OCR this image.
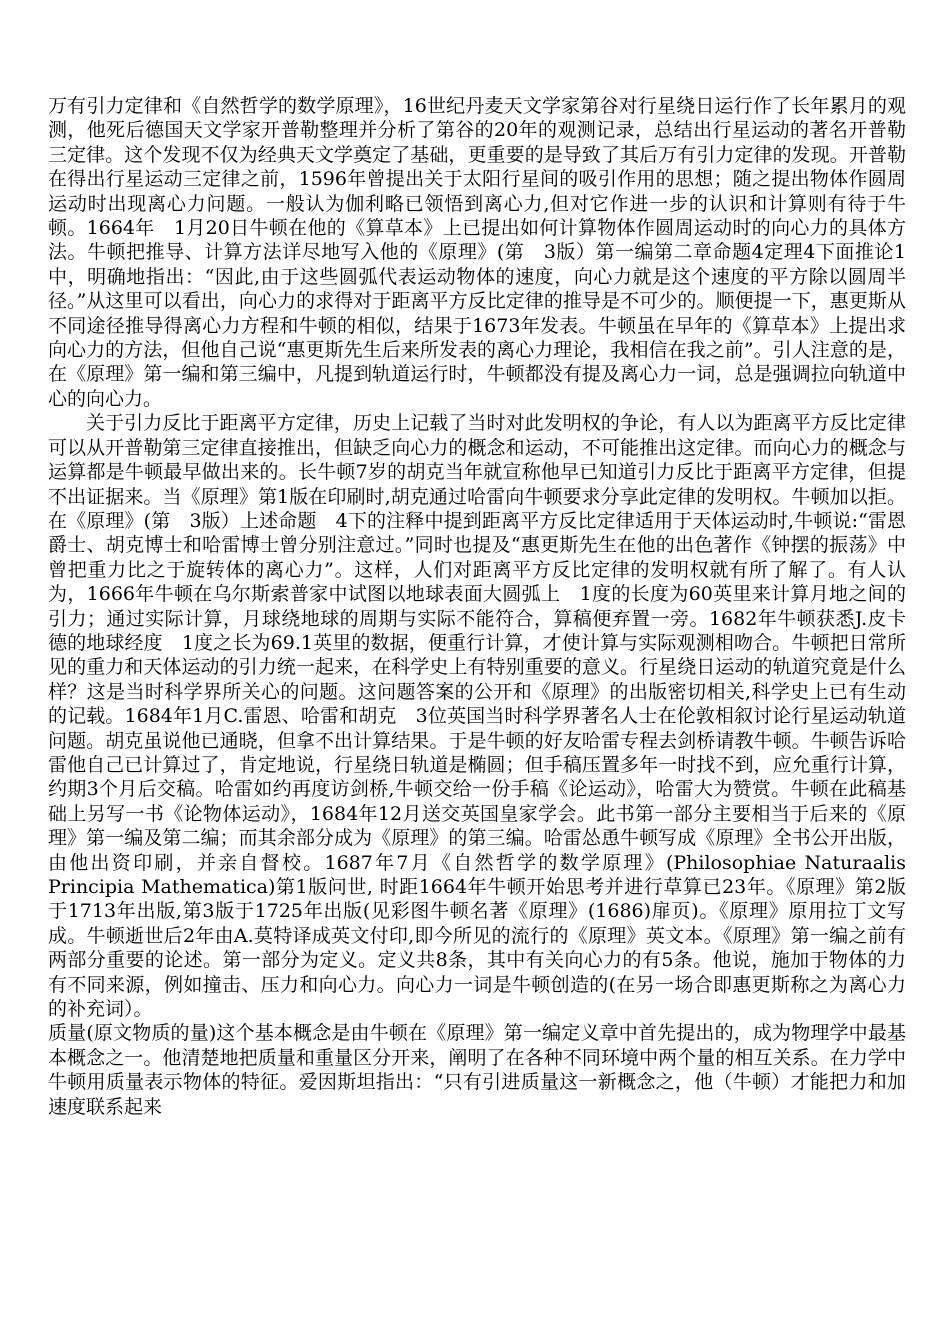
万有引力定律和《自然哲学的数学原理》，16世纪丹麦天文学家第谷对行星绕日运行作了长年累月的观测，他死后德国天文学家开普勒整理并分析了第谷的20年的观测记录，总结出行星运动的著名开普勒三定律。这个发现不仅为经典天文学奠定了基础，更重要的是导致了其后万有引力定律的发现。开普勒在得出行星运动三定律之前，1596年曾提出关于太阳行星间的吸引作用的思想；随之提出物体作圆周运动时出现离心力问题。一般认为伽利略已领悟到离心力,但对它作进一步的认识和计算则有待于牛顿。1664年　1月20日牛顿在他的《算草本》上已提出如何计算物体作圆周运动时的向心力的具体方法。牛顿把推导、计算方法详尽地写入他的《原理》(第　3版）第一编第二章命题4定理4下面推论1中，明确地指出：“因此,由于这些圆弧代表运动物体的速度，向心力就是这个速度的平方除以圆周半径。”从这里可以看出，向心力的求得对于距离平方反比定律的推导是不可少的。顺便提一下，惠更斯从不同途径推导得离心力方程和牛顿的相似，结果于1673年发表。牛顿虽在早年的《算草本》上提出求向心力的方法，但他自己说“惠更斯先生后来所发表的离心力理论，我相信在我之前”。引人注意的是，在《原理》第一编和第三编中，凡提到轨道运行时，牛顿都没有提及离心力一词，总是强调拉向轨道中心的向心力。

关于引力反比于距离平方定律，历史上记载了当时对此发明权的争论，有人以为距离平方反比定律可以从开普勒第三定律直接推出，但缺乏向心力的概念和运动，不可能推出这定律。而向心力的概念与运算都是牛顿最早做出来的。长牛顿7岁的胡克当年就宣称他早已知道引力反比于距离平方定律，但提不出证据来。当《原理》第1版在印刷时,胡克通过哈雷向牛顿要求分享此定律的发明权。牛顿加以拒。在《原理》(第　3版）上述命题　4下的注释中提到距离平方反比定律适用于天体运动时,牛顿说:“雷恩爵士、胡克博士和哈雷博士曾分别注意过。”同时也提及“惠更斯先生在他的出色著作《钟摆的振荡》中曾把重力比之于旋转体的离心力”。这样，人们对距离平方反比定律的发明权就有所了解了。有人认为，1666年牛顿在乌尔斯索普家中试图以地球表面大圆弧上　1度的长度为60英里来计算月地之间的引力；通过实际计算，月球绕地球的周期与实际不能符合，算稿便弃置一旁。1682年牛顿获悉J.皮卡德的地球经度　1度之长为69.1英里的数据，便重行计算，才使计算与实际观测相吻合。牛顿把日常所见的重力和天体运动的引力统一起来，在科学史上有特别重要的意义。行星绕日运动的轨道究竟是什么样？这是当时科学界所关心的问题。这问题答案的公开和《原理》的出版密切相关,科学史上已有生动的记载。1684年1月C.雷恩、哈雷和胡克　3位英国当时科学界著名人士在伦敦相叙讨论行星运动轨道问题。胡克虽说他已通晓，但拿不出计算结果。于是牛顿的好友哈雷专程去剑桥请教牛顿。牛顿告诉哈雷他自己已计算过了，肯定地说，行星绕日轨道是椭圆；但手稿压置多年一时找不到，应允重行计算，约期3个月后交稿。哈雷如约再度访剑桥,牛顿交给一份手稿《论运动》，哈雷大为赞赏。牛顿在此稿基础上另写一书《论物体运动》，1684年12月送交英国皇家学会。此书第一部分主要相当于后来的《原理》第一编及第二编；而其余部分成为《原理》的第三编。哈雷怂恿牛顿写成《原理》全书公开出版，由他出资印刷，并亲自督校。1687年7月《自然哲学的数学原理》(Philosophiae Naturaalis Principia Mathematica)第1版问世, 时距1664年牛顿开始思考并进行草算已23年。《原理》第2版于1713年出版,第3版于1725年出版(见彩图牛顿名著《原理》(1686)扉页)。《原理》原用拉丁文写成。牛顿逝世后2年由A.莫特译成英文付印,即今所见的流行的《原理》英文本。《原理》第一编之前有两部分重要的论述。第一部分为定义。定义共8条，其中有关向心力的有5条。他说，施加于物体的力有不同来源，例如撞击、压力和向心力。向心力一词是牛顿创造的(在另一场合即惠更斯称之为离心力的补充词）。

质量(原文物质的量)这个基本概念是由牛顿在《原理》第一编定义章中首先提出的，成为物理学中最基本概念之一。他清楚地把质量和重量区分开来，阐明了在各种不同环境中两个量的相互关系。在力学中牛顿用质量表示物体的特征。爱因斯坦指出：“只有引进质量这一新概念之，他（牛顿）才能把力和加速度联系起来
